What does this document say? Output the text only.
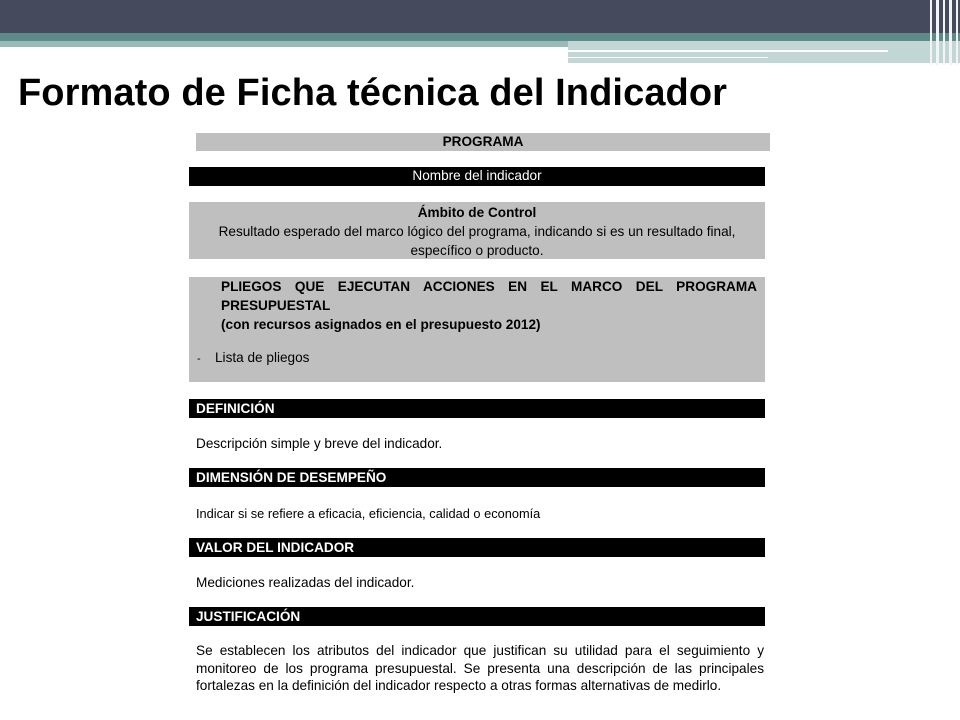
Formato de Ficha técnica del Indicador
PROGRAMA
Nombre del indicador
Ámbito de Control
Resultado esperado del marco lógico del programa, indicando si es un resultado final,
específico o producto.
PLIEGOS QUE EJECUTAN ACCIONES EN EL MARCO DEL PROGRAMA
PRESUPUESTAL
(con recursos asignados en el presupuesto 2012)
- Lista de pliegos
DEFINICIÓN
Descripción simple y breve del indicador.
DIMENSIÓN DE DESEMPEÑO
Indicar si se refiere a eficacia, eficiencia, calidad o economía
VALOR DEL INDICADOR
Mediciones realizadas del indicador.
JUSTIFICACIÓN
Se establecen los atributos del indicador que justifican su utilidad para el seguimiento y monitoreo de los programa presupuestal. Se presenta una descripción de las principales fortalezas en la definición del indicador respecto a otras formas alternativas de medirlo.
